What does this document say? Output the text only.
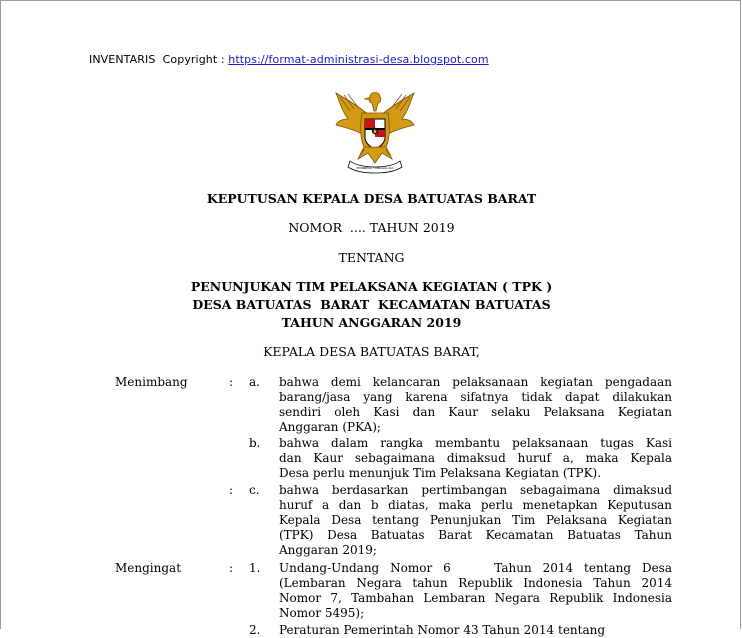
INVENTARIS  Copyright : https://format-administrasi-desa.blogspot.com
BHINNEKA TUNGGAL IKA
KEPUTUSAN KEPALA DESA BATUATAS BARAT
NOMOR  .... TAHUN 2019
TENTANG
PENUNJUKAN TIM PELAKSANA KEGIATAN ( TPK )
DESA BATUATAS  BARAT  KECAMATAN BATUATAS
TAHUN ANGGARAN 2019
KEPALA DESA BATUATAS BARAT,
Menimbang	: a. bahwa demi kelancaran pelaksanaan kegiatan pengadaan
barang/jasa yang karena sifatnya tidak dapat dilakukan
sendiri oleh Kasi dan Kaur selaku Pelaksana Kegiatan
Anggaran (PKA);
b. bahwa dalam rangka membantu pelaksanaan tugas Kasi
dan Kaur sebagaimana dimaksud huruf a, maka Kepala
Desa perlu menunjuk Tim Pelaksana Kegiatan (TPK).
: c. bahwa berdasarkan pertimbangan sebagaimana dimaksud
huruf a dan b diatas, maka perlu menetapkan Keputusan
Kepala Desa tentang Penunjukan Tim Pelaksana Kegiatan
(TPK) Desa Batuatas Barat Kecamatan Batuatas Tahun
Anggaran 2019;
Mengingat	: 1. Undang-Undang Nomor 6    Tahun 2014 tentang Desa
(Lembaran Negara tahun Republik Indonesia Tahun 2014
Nomor 7, Tambahan Lembaran Negara Republik Indonesia
Nomor 5495);
2. Peraturan Pemerintah Nomor 43 Tahun 2014 tentang
